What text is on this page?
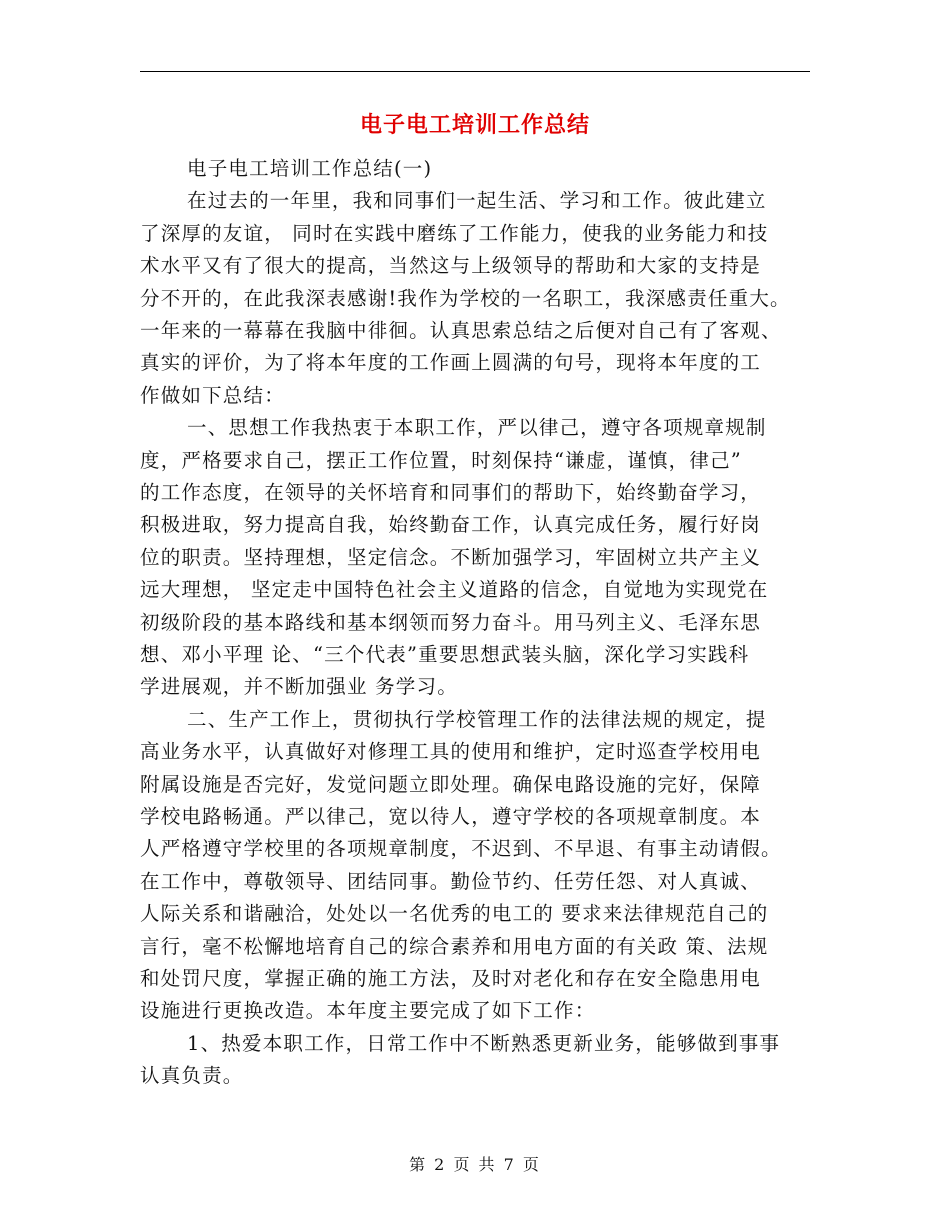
电子电工培训工作总结
电子电工培训工作总结(一)
在过去的一年里，我和同事们一起生活、学习和工作。彼此建立
了深厚的友谊， 同时在实践中磨练了工作能力，使我的业务能力和技
术水平又有了很大的提高，当然这与上级领导的帮助和大家的支持是
分不开的，在此我深表感谢!我作为学校的一名职工，我深感责任重大。
一年来的一幕幕在我脑中徘徊。认真思索总结之后便对自己有了客观、
真实的评价，为了将本年度的工作画上圆满的句号，现将本年度的工
作做如下总结：
一、思想工作我热衷于本职工作，严以律己，遵守各项规章规制
度，严格要求自己，摆正工作位置，时刻保持“谦虚，谨慎，律己”
的工作态度，在领导的关怀培育和同事们的帮助下，始终勤奋学习，
积极进取，努力提高自我，始终勤奋工作，认真完成任务，履行好岗
位的职责。坚持理想，坚定信念。不断加强学习，牢固树立共产主义
远大理想， 坚定走中国特色社会主义道路的信念，自觉地为实现党在
初级阶段的基本路线和基本纲领而努力奋斗。用马列主义、毛泽东思
想、邓小平理 论、“三个代表”重要思想武装头脑，深化学习实践科
学进展观，并不断加强业 务学习。
二、生产工作上，贯彻执行学校管理工作的法律法规的规定，提
高业务水平，认真做好对修理工具的使用和维护，定时巡查学校用电
附属设施是否完好，发觉问题立即处理。确保电路设施的完好，保障
学校电路畅通。严以律己，宽以待人，遵守学校的各项规章制度。本
人严格遵守学校里的各项规章制度，不迟到、不早退、有事主动请假。
在工作中，尊敬领导、团结同事。勤俭节约、任劳任怨、对人真诚、
人际关系和谐融洽，处处以一名优秀的电工的 要求来法律规范自己的
言行，毫不松懈地培育自己的综合素养和用电方面的有关政 策、法规
和处罚尺度，掌握正确的施工方法，及时对老化和存在安全隐患用电
设施进行更换改造。本年度主要完成了如下工作：
1、热爱本职工作，日常工作中不断熟悉更新业务，能够做到事事
认真负责。
第 2 页 共 7 页
